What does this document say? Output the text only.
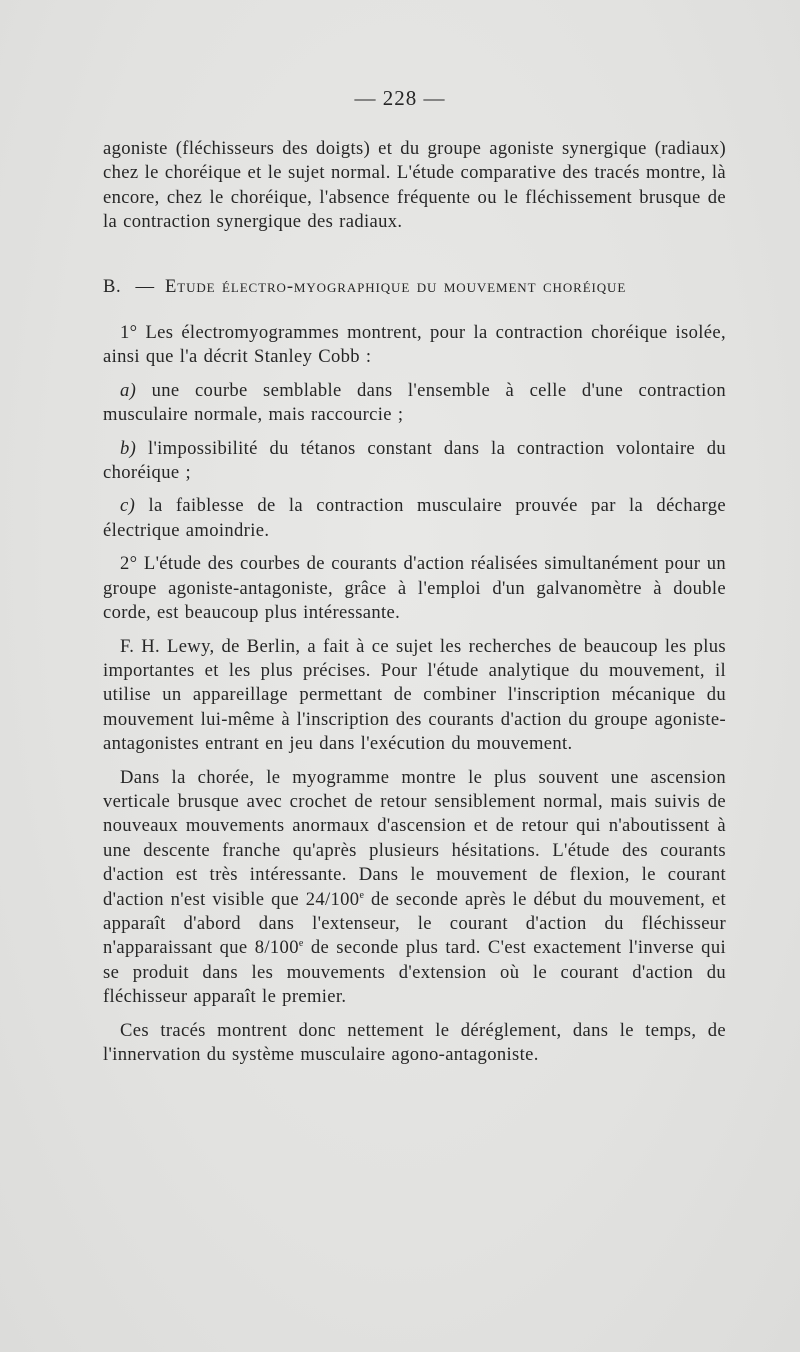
— 228 —

agoniste (fléchisseurs des doigts) et du groupe agoniste synergique (radiaux) chez le choréique et le sujet normal. L'étude comparative des tracés montre, là encore, chez le choréique, l'absence fréquente ou le fléchissement brusque de la contraction synergique des radiaux.

B. — Etude électro-myographique du mouvement choréique

1° Les électromyogrammes montrent, pour la contraction choréique isolée, ainsi que l'a décrit Stanley Cobb :

a) une courbe semblable dans l'ensemble à celle d'une contraction musculaire normale, mais raccourcie ;

b) l'impossibilité du tétanos constant dans la contraction volontaire du choréique ;

c) la faiblesse de la contraction musculaire prouvée par la décharge électrique amoindrie.

2° L'étude des courbes de courants d'action réalisées simultanément pour un groupe agoniste-antagoniste, grâce à l'emploi d'un galvanomètre à double corde, est beaucoup plus intéressante.

F. H. Lewy, de Berlin, a fait à ce sujet les recherches de beaucoup les plus importantes et les plus précises. Pour l'étude analytique du mouvement, il utilise un appareillage permettant de combiner l'inscription mécanique du mouvement lui-même à l'inscription des courants d'action du groupe agoniste-antagonistes entrant en jeu dans l'exécution du mouvement.

Dans la chorée, le myogramme montre le plus souvent une ascension verticale brusque avec crochet de retour sensiblement normal, mais suivis de nouveaux mouvements anormaux d'ascension et de retour qui n'aboutissent à une descente franche qu'après plusieurs hésitations. L'étude des courants d'action est très intéressante. Dans le mouvement de flexion, le courant d'action n'est visible que 24/100e de seconde après le début du mouvement, et apparaît d'abord dans l'extenseur, le courant d'action du fléchisseur n'apparaissant que 8/100e de seconde plus tard. C'est exactement l'inverse qui se produit dans les mouvements d'extension où le courant d'action du fléchisseur apparaît le premier.

Ces tracés montrent donc nettement le déréglement, dans le temps, de l'innervation du système musculaire agono-antagoniste.
